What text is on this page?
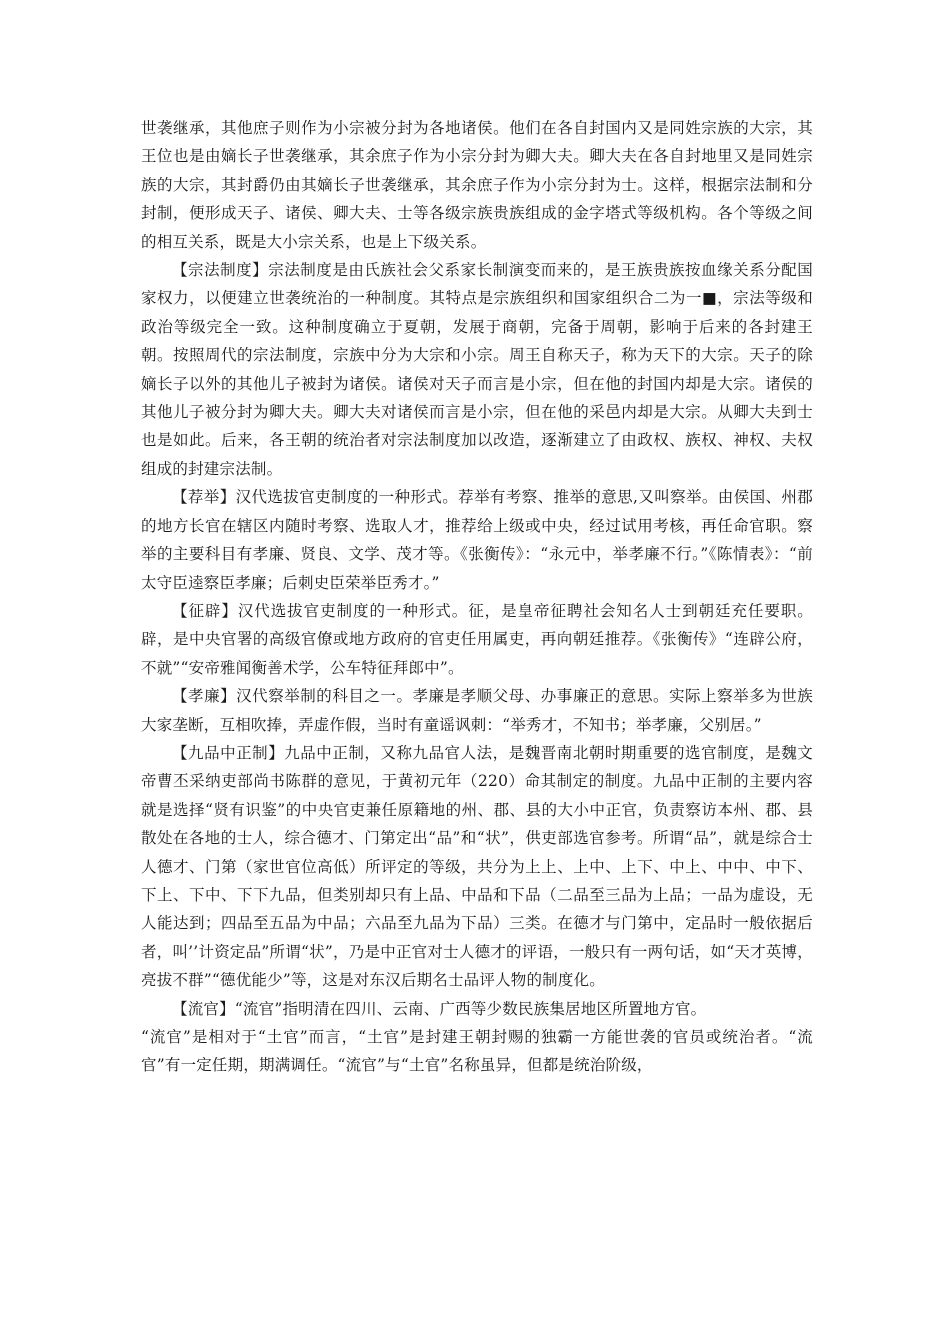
世袭继承，其他庶子则作为小宗被分封为各地诸侯。他们在各自封国内又是同姓宗族的大宗，其王位也是由嫡长子世袭继承，其余庶子作为小宗分封为卿大夫。卿大夫在各自封地里又是同姓宗族的大宗，其封爵仍由其嫡长子世袭继承，其余庶子作为小宗分封为士。这样，根据宗法制和分封制，便形成天子、诸侯、卿大夫、士等各级宗族贵族组成的金字塔式等级机构。各个等级之间的相互关系，既是大小宗关系，也是上下级关系。

【宗法制度】宗法制度是由氏族社会父系家长制演变而来的，是王族贵族按血缘关系分配国家权力，以便建立世袭统治的一种制度。其特点是宗族组织和国家组织合二为一■，宗法等级和政治等级完全一致。这种制度确立于夏朝，发展于商朝，完备于周朝，影响于后来的各封建王朝。按照周代的宗法制度，宗族中分为大宗和小宗。周王自称天子，称为天下的大宗。天子的除嫡长子以外的其他儿子被封为诸侯。诸侯对天子而言是小宗，但在他的封国内却是大宗。诸侯的其他儿子被分封为卿大夫。卿大夫对诸侯而言是小宗，但在他的采邑内却是大宗。从卿大夫到士也是如此。后来，各王朝的统治者对宗法制度加以改造，逐渐建立了由政权、族权、神权、夫权组成的封建宗法制。

【荐举】汉代选拔官吏制度的一种形式。荐举有考察、推举的意思,又叫察举。由侯国、州郡的地方长官在辖区内随时考察、选取人才，推荐给上级或中央，经过试用考核，再任命官职。察举的主要科目有孝廉、贤良、文学、茂才等。《张衡传》：“永元中，举孝廉不行。”《陈情表》：“前太守臣逵察臣孝廉；后刺史臣荣举臣秀才。”

【征辟】汉代选拔官吏制度的一种形式。征，是皇帝征聘社会知名人士到朝廷充任要职。辟，是中央官署的高级官僚或地方政府的官吏任用属吏，再向朝廷推荐。《张衡传》“连辟公府，不就”“安帝雅闻衡善术学，公车特征拜郎中”。

【孝廉】汉代察举制的科目之一。孝廉是孝顺父母、办事廉正的意思。实际上察举多为世族大家垄断，互相吹捧，弄虚作假，当时有童谣讽刺：“举秀才，不知书；举孝廉，父别居。”

【九品中正制】九品中正制，又称九品官人法，是魏晋南北朝时期重要的选官制度，是魏文帝曹丕采纳吏部尚书陈群的意见，于黄初元年（220）命其制定的制度。九品中正制的主要内容就是选择“贤有识鉴”的中央官吏兼任原籍地的州、郡、县的大小中正官，负责察访本州、郡、县散处在各地的士人，综合德才、门第定出“品”和“状”，供吏部选官参考。所谓“品”，就是综合士人德才、门第（家世官位高低）所评定的等级，共分为上上、上中、上下、中上、中中、中下、下上、下中、下下九品，但类别却只有上品、中品和下品（二品至三品为上品；一品为虚设，无人能达到；四品至五品为中品；六品至九品为下品）三类。在德才与门第中，定品时一般依据后者，叫’’计资定品”所谓“状”，乃是中正官对士人德才的评语，一般只有一两句话，如“天才英博，亮拔不群”“德优能少”等，这是对东汉后期名士品评人物的制度化。

【流官】“流官”指明清在四川、云南、广西等少数民族集居地区所置地方官。

“流官”是相对于“土官”而言，“土官”是封建王朝封赐的独霸一方能世袭的官员或统治者。“流官”有一定任期，期满调任。“流官”与“土官”名称虽异，但都是统治阶级，
